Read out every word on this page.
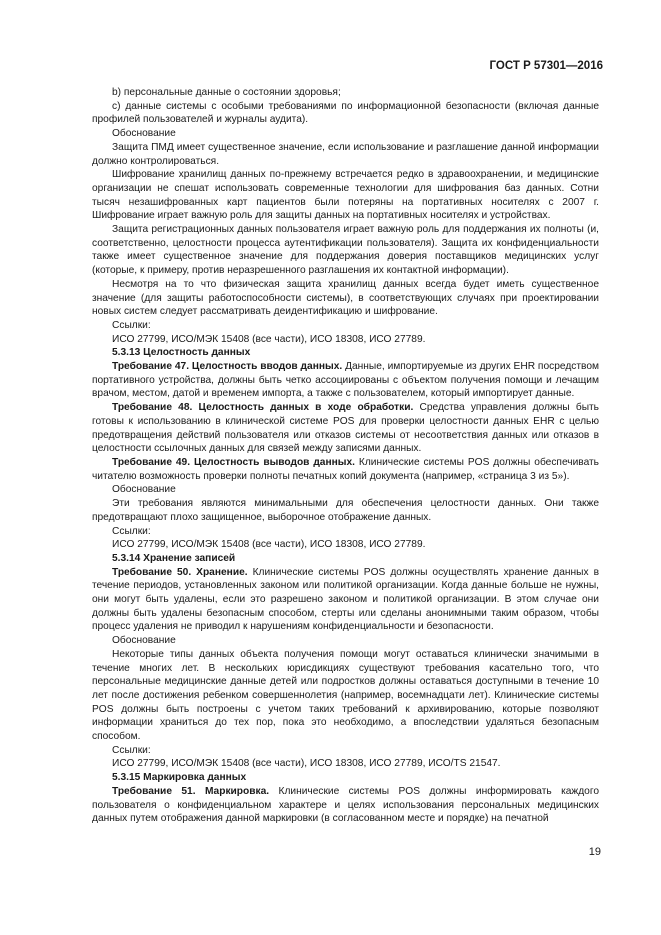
ГОСТ Р 57301—2016

b) персональные данные о состоянии здоровья;

c) данные системы с особыми требованиями по информационной безопасности (включая данные профилей пользователей и журналы аудита).

Обоснование

Защита ПМД имеет существенное значение, если использование и разглашение данной информации должно контролироваться.

Шифрование хранилищ данных по-прежнему встречается редко в здравоохранении, и медицинские организации не спешат использовать современные технологии для шифрования баз данных. Сотни тысяч незашифрованных карт пациентов были потеряны на портативных носителях с 2007 г. Шифрование играет важную роль для защиты данных на портативных носителях и устройствах.

Защита регистрационных данных пользователя играет важную роль для поддержания их полноты (и, соответственно, целостности процесса аутентификации пользователя). Защита их конфиденциальности также имеет существенное значение для поддержания доверия поставщиков медицинских услуг (которые, к примеру, против неразрешенного разглашения их контактной информации).

Несмотря на то что физическая защита хранилищ данных всегда будет иметь существенное значение (для защиты работоспособности системы), в соответствующих случаях при проектировании новых систем следует рассматривать деидентификацию и шифрование.

Ссылки:

ИСО 27799, ИСО/МЭК 15408 (все части), ИСО 18308, ИСО 27789.

5.3.13 Целостность данных

Требование 47. Целостность вводов данных. Данные, импортируемые из других EHR посредством портативного устройства, должны быть четко ассоциированы с объектом получения помощи и лечащим врачом, местом, датой и временем импорта, а также с пользователем, который импортирует данные.

Требование 48. Целостность данных в ходе обработки. Средства управления должны быть готовы к использованию в клинической системе POS для проверки целостности данных EHR с целью предотвращения действий пользователя или отказов системы от несоответствия данных или отказов в целостности ссылочных данных для связей между записями данных.

Требование 49. Целостность выводов данных. Клинические системы POS должны обеспечивать читателю возможность проверки полноты печатных копий документа (например, «страница 3 из 5»).

Обоснование

Эти требования являются минимальными для обеспечения целостности данных. Они также предотвращают плохо защищенное, выборочное отображение данных.

Ссылки:

ИСО 27799, ИСО/МЭК 15408 (все части), ИСО 18308, ИСО 27789.

5.3.14 Хранение записей

Требование 50. Хранение. Клинические системы POS должны осуществлять хранение данных в течение периодов, установленных законом или политикой организации. Когда данные больше не нужны, они могут быть удалены, если это разрешено законом и политикой организации. В этом случае они должны быть удалены безопасным способом, стерты или сделаны анонимными таким образом, чтобы процесс удаления не приводил к нарушениям конфиденциальности и безопасности.

Обоснование

Некоторые типы данных объекта получения помощи могут оставаться клинически значимыми в течение многих лет. В нескольких юрисдикциях существуют требования касательно того, что персональные медицинские данные детей или подростков должны оставаться доступными в течение 10 лет после достижения ребенком совершеннолетия (например, восемнадцати лет). Клинические системы POS должны быть построены с учетом таких требований к архивированию, которые позволяют информации храниться до тех пор, пока это необходимо, а впоследствии удаляться безопасным способом.

Ссылки:

ИСО 27799, ИСО/МЭК 15408 (все части), ИСО 18308, ИСО 27789, ИСО/TS 21547.

5.3.15 Маркировка данных

Требование 51. Маркировка. Клинические системы POS должны информировать каждого пользователя о конфиденциальном характере и целях использования персональных медицинских данных путем отображения данной маркировки (в согласованном месте и порядке) на печатной

19
